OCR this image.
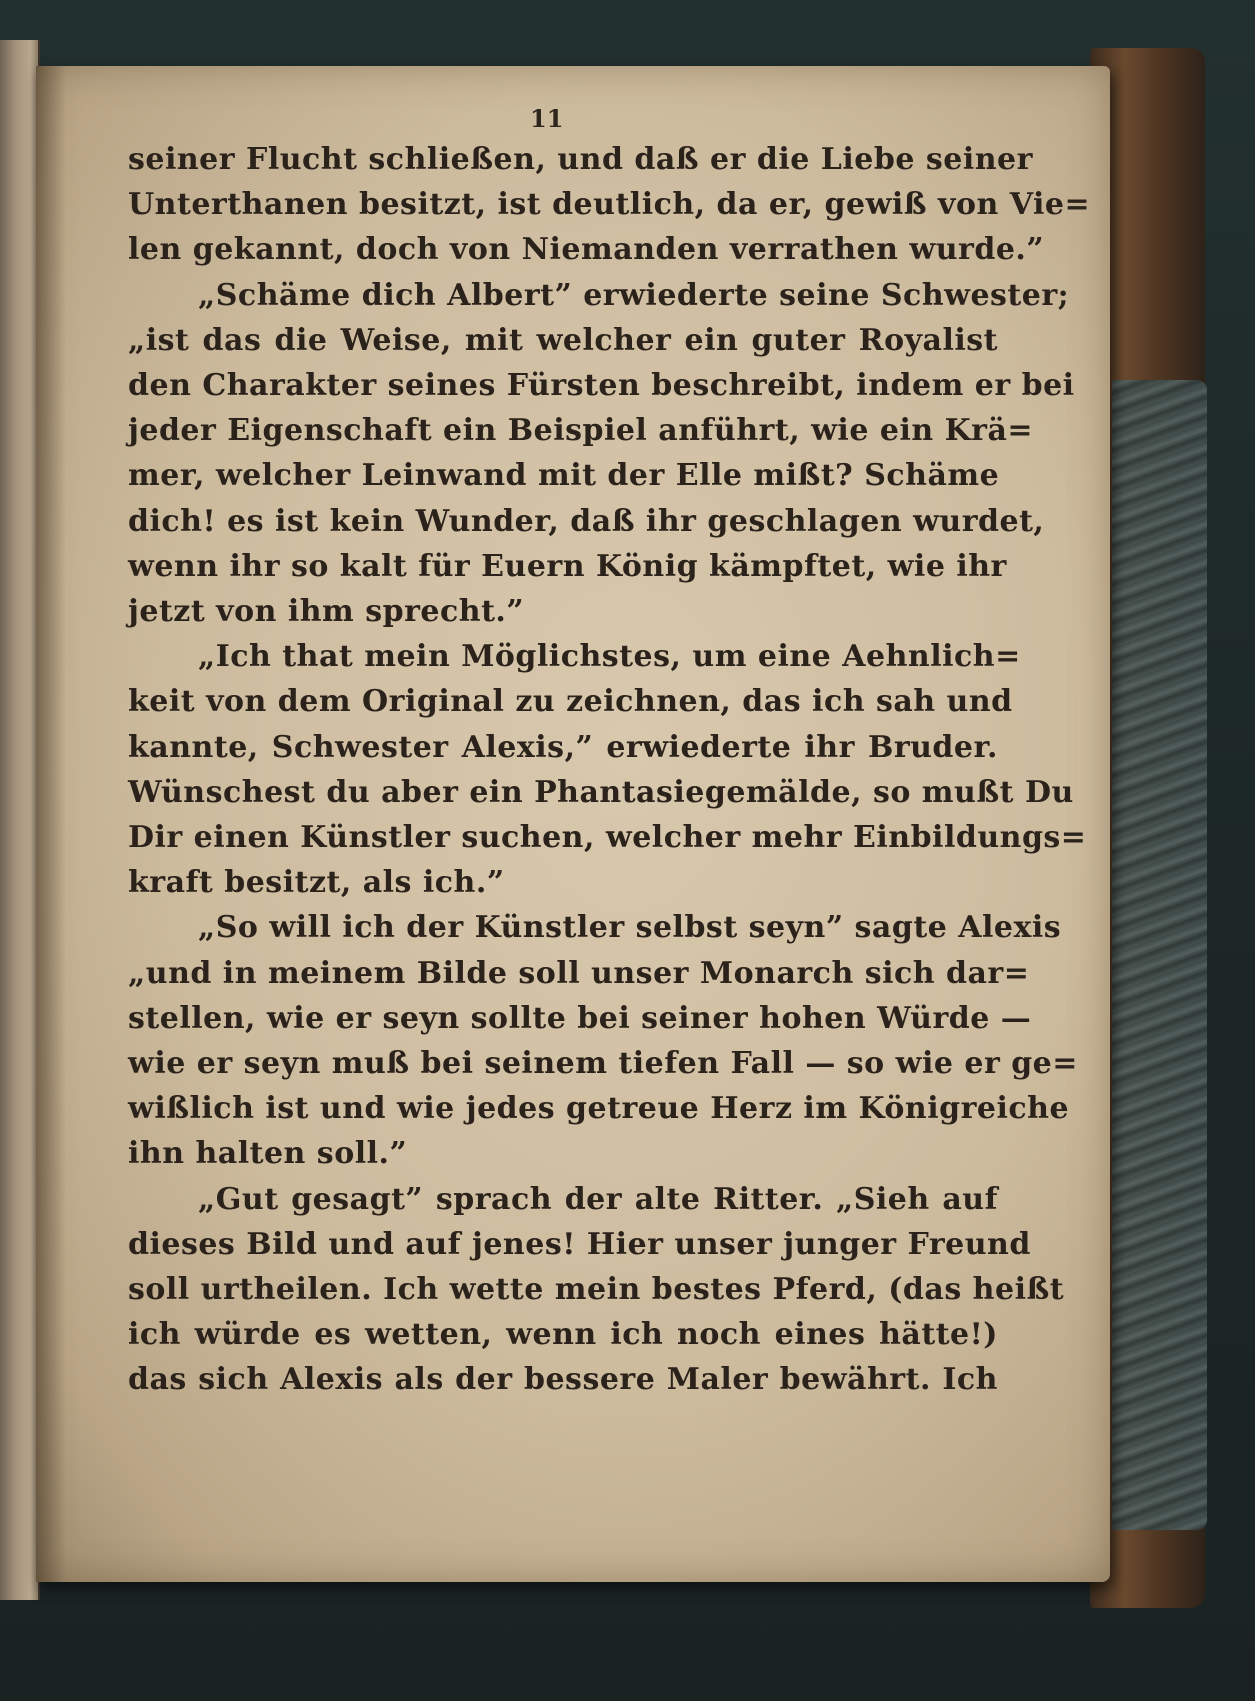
11
seiner Flucht schließen, und daß er die Liebe seiner
Unterthanen besitzt, ist deutlich, da er, gewiß von Vie=
len gekannt, doch von Niemanden verrathen wurde.”
„Schäme dich Albert” erwiederte seine Schwester;
„ist das die Weise, mit welcher ein guter Royalist
den Charakter seines Fürsten beschreibt, indem er bei
jeder Eigenschaft ein Beispiel anführt, wie ein Krä=
mer, welcher Leinwand mit der Elle mißt? Schäme
dich! es ist kein Wunder, daß ihr geschlagen wurdet,
wenn ihr so kalt für Euern König kämpftet, wie ihr
jetzt von ihm sprecht.”
„Ich that mein Möglichstes, um eine Aehnlich=
keit von dem Original zu zeichnen, das ich sah und
kannte, Schwester Alexis,” erwiederte ihr Bruder.
Wünschest du aber ein Phantasiegemälde, so mußt Du
Dir einen Künstler suchen, welcher mehr Einbildungs=
kraft besitzt, als ich.”
„So will ich der Künstler selbst seyn” sagte Alexis
„und in meinem Bilde soll unser Monarch sich dar=
stellen, wie er seyn sollte bei seiner hohen Würde —
wie er seyn muß bei seinem tiefen Fall — so wie er ge=
wißlich ist und wie jedes getreue Herz im Königreiche
ihn halten soll.”
„Gut gesagt” sprach der alte Ritter. „Sieh auf
dieses Bild und auf jenes! Hier unser junger Freund
soll urtheilen. Ich wette mein bestes Pferd, (das heißt
ich würde es wetten, wenn ich noch eines hätte!)
das sich Alexis als der bessere Maler bewährt. Ich
